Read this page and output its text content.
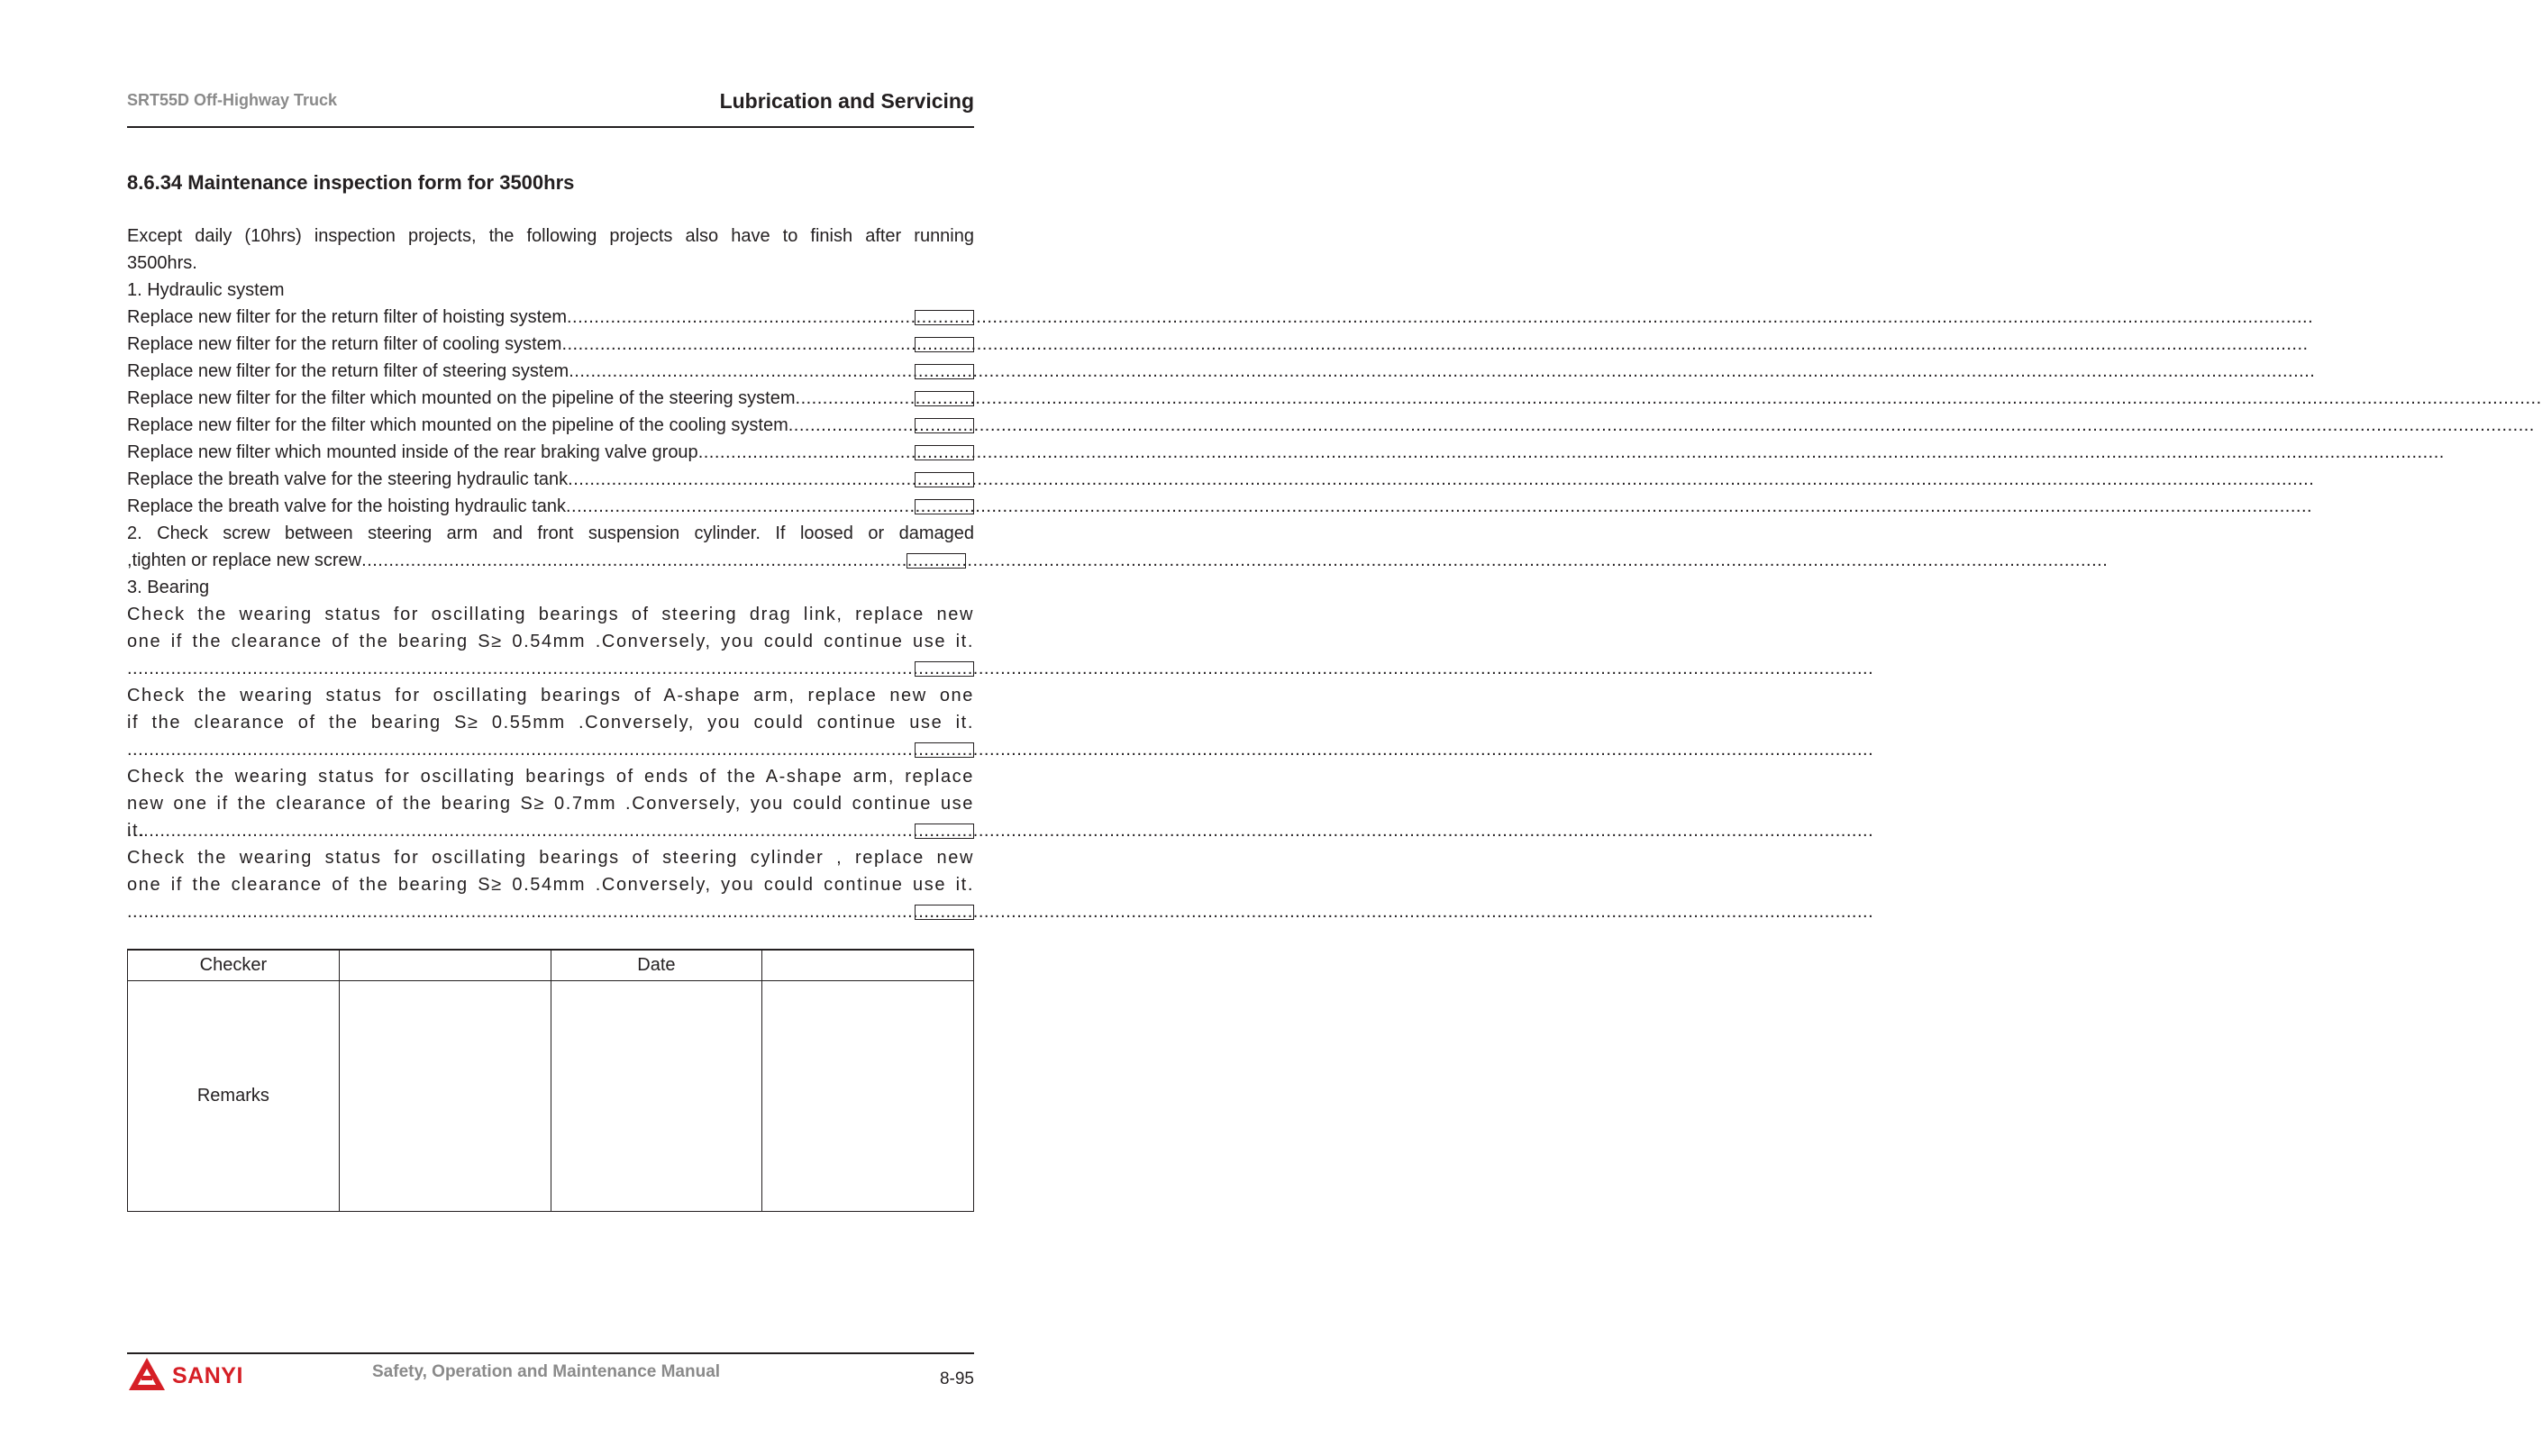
SRT55D Off-Highway Truck	Lubrication and Servicing
8.6.34 Maintenance inspection form for 3500hrs
Except daily (10hrs) inspection projects, the following projects also have to finish after running
3500hrs.
1. Hydraulic system
Replace new filter for the return filter of hoisting system
.....
Replace new filter for the return filter of cooling system
.....
Replace new filter for the return filter of steering system
.....
Replace new filter for the filter which mounted on the pipeline of the steering system
.....
Replace new filter for the filter which mounted on the pipeline of the cooling system
.....
Replace new filter which mounted inside of the rear braking valve group
.....
Replace the breath valve for the steering hydraulic tank
.....
Replace the breath valve for the hoisting hydraulic tank
.....
2. Check screw between steering arm and front suspension cylinder. If loosed or damaged
,tighten or replace new screw
.....
3. Bearing
Check the wearing status for oscillating bearings of steering drag link, replace new
one if the clearance of the bearing S≥ 0.54mm .Conversely, you could continue use it.
.....
Check the wearing status for oscillating bearings of A-shape arm, replace new one
if the clearance of the bearing S≥ 0.55mm .Conversely, you could continue use it.
.....
Check the wearing status for oscillating bearings of ends of the A-shape arm, replace
new one if the clearance of the bearing S≥ 0.7mm .Conversely, you could continue use it.
.....
Check the wearing status for oscillating bearings of steering cylinder , replace new
one if the clearance of the bearing S≥ 0.54mm .Conversely, you could continue use it.
.....
Checker		Date	
Remarks			
SANYI	Safety, Operation and Maintenance Manual	8-95
